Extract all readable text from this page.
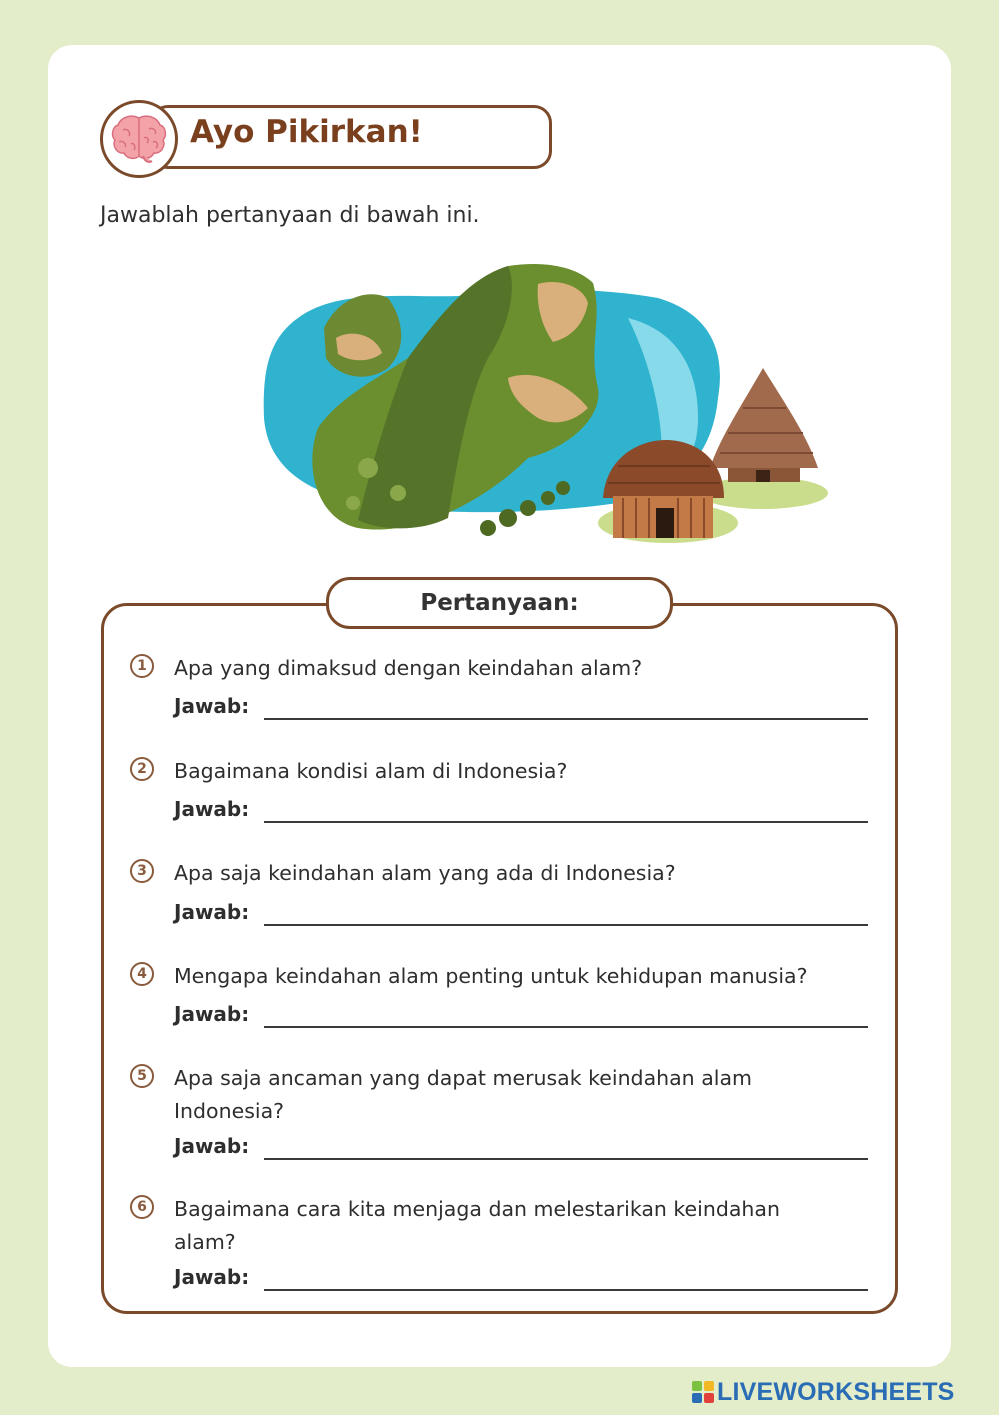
Ayo Pikirkan!
Jawablah pertanyaan di bawah ini.
Pertanyaan:
1	Apa yang dimaksud dengan keindahan alam?
Jawab:
2	Bagaimana kondisi alam di Indonesia?
Jawab:
3	Apa saja keindahan alam yang ada di Indonesia?
Jawab:
4	Mengapa keindahan alam penting untuk kehidupan manusia?
Jawab:
5	Apa saja ancaman yang dapat merusak keindahan alam Indonesia?
Jawab:
6	Bagaimana cara kita menjaga dan melestarikan keindahan alam?
Jawab:
LIVEWORKSHEETS
